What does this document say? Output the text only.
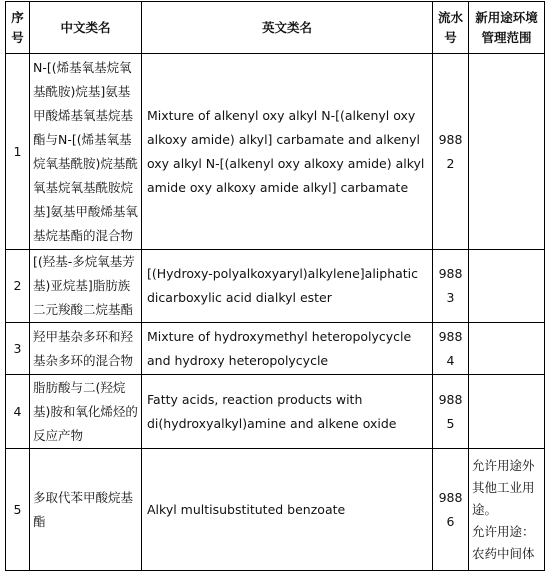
序号	中文类名	英文类名	流水号	新用途环境管理范围
1	N-[(烯基氧基烷氧基酰胺)烷基]氨基甲酸烯基氧基烷基酯与N-[(烯基氧基烷氧基酰胺)烷基酰氧基烷氧基酰胺烷基]氨基甲酸烯基氧基烷基酯的混合物	Mixture of alkenyl oxy alkyl N-[(alkenyl oxy alkoxy amide) alkyl] carbamate and alkenyl oxy alkyl N-[(alkenyl oxy alkoxy amide) alkyl amide oxy alkoxy amide alkyl] carbamate	9882	
2	[(羟基-多烷氧基芳基)亚烷基]脂肪族二元羧酸二烷基酯	[(Hydroxy-polyalkoxyaryl)alkylene]aliphatic dicarboxylic acid dialkyl ester	9883	
3	羟甲基杂多环和羟基杂多环的混合物	Mixture of hydroxymethyl heteropolycycle and hydroxy heteropolycycle	9884	
4	脂肪酸与二(羟烷基)胺和氧化烯烃的反应产物	Fatty acids, reaction products with di(hydroxyalkyl)amine and alkene oxide	9885	
5	多取代苯甲酸烷基酯	Alkyl multisubstituted benzoate	9886	允许用途外其他工业用途。
允许用途：农药中间体
